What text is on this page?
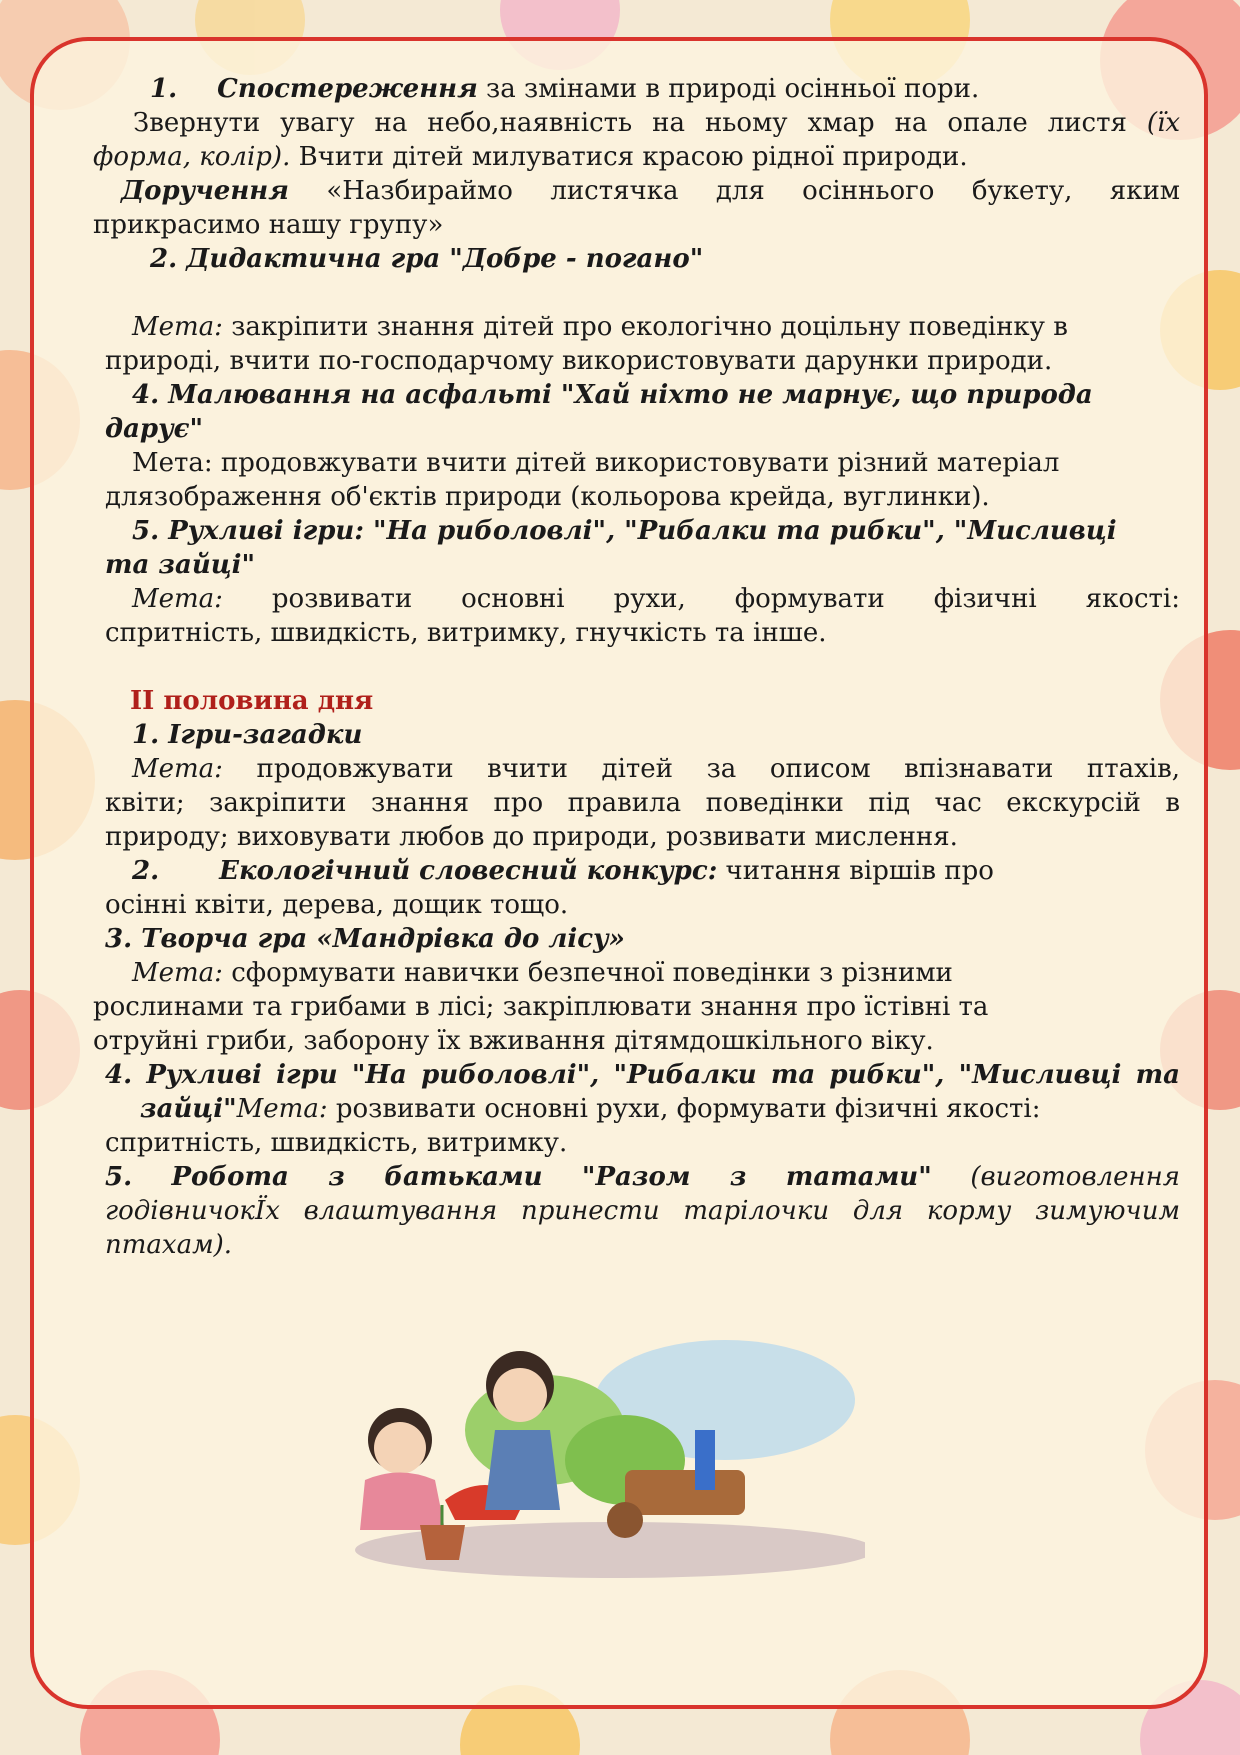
1. Спостереження за змінами в природі осінньої пори.

Звернути увагу на небо,наявність на ньому хмар на опале листя (їх

форма, колір). Вчити дітей милуватися красою рідної природи.

Доручення «Назбираймо листячка для осіннього букету, яким

прикрасимо нашу групу»

2. Дидактична гра "Добре - погано"

Мета: закріпити знання дітей про екологічно доцільну поведінку в

природі, вчити по-господарчому використовувати дарунки природи.

4. Малювання на асфальті "Хай ніхто не марнує, що природа

дарує"

Мета: продовжувати вчити дітей використовувати різний матеріал

длязображення об'єктів природи (кольорова крейда, вуглинки).

5. Рухливі ігри: "На риболовлі", "Рибалки та рибки", "Мисливці

та зайці"

Мета: розвивати основні рухи, формувати фізичні якості:

спритність, швидкість, витримку, гнучкість та інше.

ІІ половина дня

1. Ігри-загадки

Мета: продовжувати вчити дітей за описом впізнавати птахів,

квіти; закріпити знання про правила поведінки під час екскурсій в

природу; виховувати любов до природи, розвивати мислення.

2. Екологічний словесний конкурс: читання віршів про

осінні квіти, дерева, дощик тощо.

3. Творча гра «Мандрівка до лісу»

Мета: сформувати навички безпечної поведінки з різними

рослинами та грибами в лісі; закріплювати знання про їстівні та

отруйні гриби, заборону їх вживання дітямдошкільного віку.

4. Рухливі ігри "На риболовлі", "Рибалки та рибки", "Мисливці та

зайці"Мета: розвивати основні рухи, формувати фізичні якості:

спритність, швидкість, витримку.

5. Робота з батьками "Разом з татами" (виготовлення

годівничокЇх влаштування принести тарілочки для корму зимуючим

птахам).
